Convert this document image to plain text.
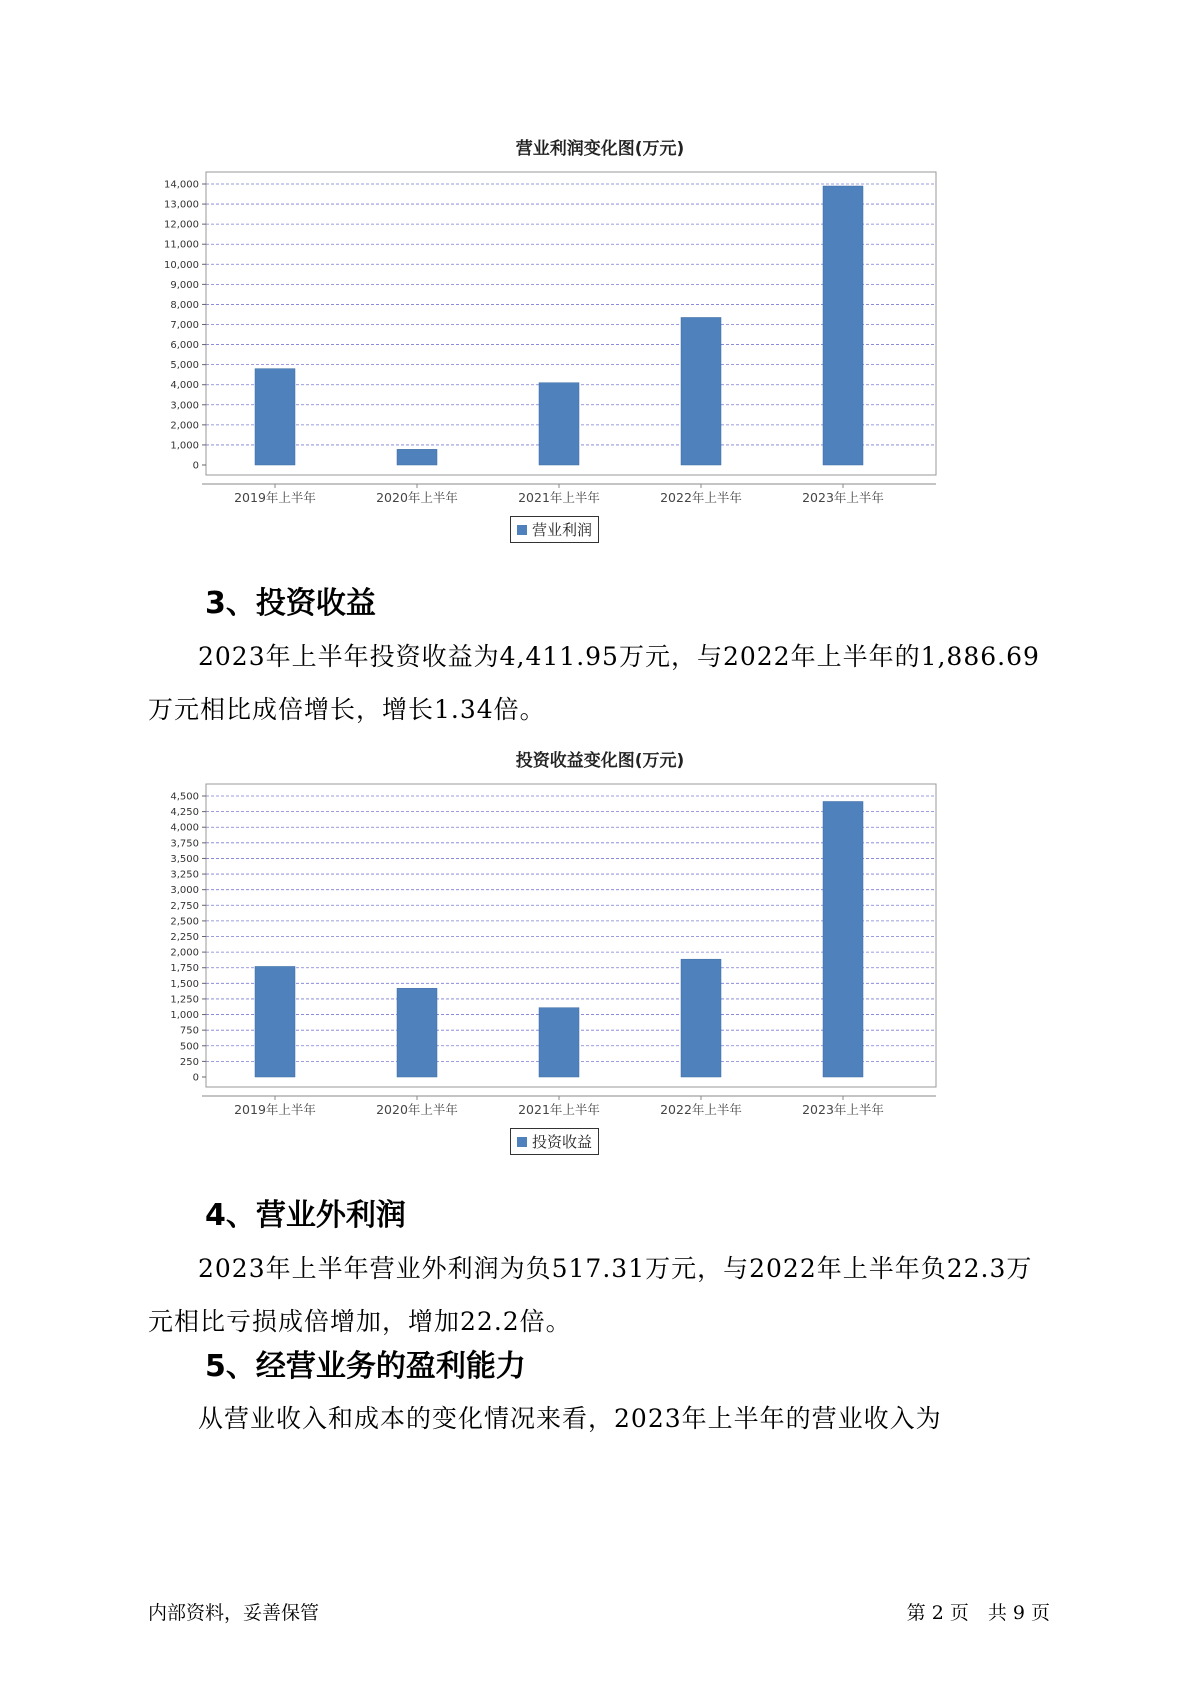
营业利润变化图(万元)
0
1,000
2,000
3,000
4,000
5,000
6,000
7,000
8,000
9,000
10,000
11,000
12,000
13,000
14,000
2019年上半年	2020年上半年	2021年上半年	2022年上半年	2023年上半年
营业利润
3、投资收益
2023年上半年投资收益为4,411.95万元，与2022年上半年的1,886.69
万元相比成倍增长，增长1.34倍。
投资收益变化图(万元)
0
250
500
750
1,000
1,250
1,500
1,750
2,000
2,250
2,500
2,750
3,000
3,250
3,500
3,750
4,000
4,250
4,500
2019年上半年	2020年上半年	2021年上半年	2022年上半年	2023年上半年
投资收益
4、营业外利润
2023年上半年营业外利润为负517.31万元，与2022年上半年负22.3万
元相比亏损成倍增加，增加22.2倍。
5、经营业务的盈利能力
从营业收入和成本的变化情况来看，2023年上半年的营业收入为
内部资料，妥善保管	第 2 页　共 9 页
